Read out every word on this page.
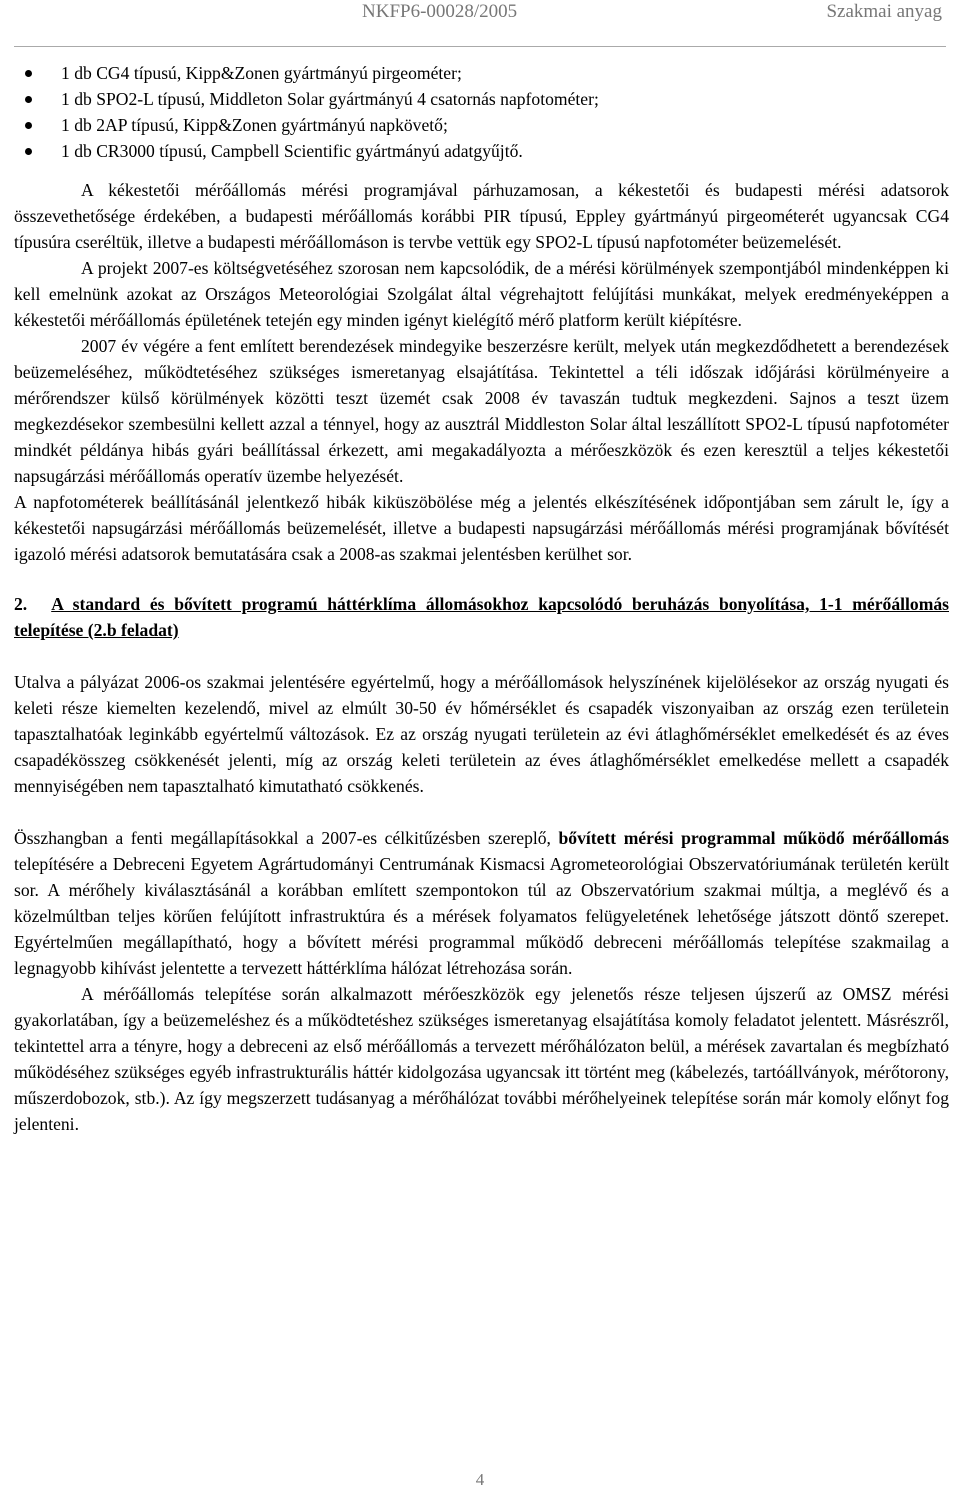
NKFP6-00028/2005	Szakmai anyag
1 db CG4 típusú, Kipp&Zonen gyártmányú pirgeométer;
1 db SPO2-L típusú, Middleton Solar gyártmányú 4 csatornás napfotométer;
1 db 2AP típusú, Kipp&Zonen gyártmányú napkövető;
1 db CR3000 típusú, Campbell Scientific gyártmányú adatgyűjtő.

A kékestetői mérőállomás mérési programjával párhuzamosan, a kékestetői és budapesti mérési adatsorok összevethetősége érdekében, a budapesti mérőállomás korábbi PIR típusú, Eppley gyártmányú pirgeométerét ugyancsak CG4 típusúra cseréltük, illetve a budapesti mérőállomáson is tervbe vettük egy SPO2-L típusú napfotométer beüzemelését.

A projekt 2007-es költségvetéséhez szorosan nem kapcsolódik, de a mérési körülmények szempontjából mindenképpen ki kell emelnünk azokat az Országos Meteorológiai Szolgálat által végrehajtott felújítási munkákat, melyek eredményeképpen a kékestetői mérőállomás épületének tetején egy minden igényt kielégítő mérő platform került kiépítésre.

2007 év végére a fent említett berendezések mindegyike beszerzésre került, melyek után megkezdődhetett a berendezések beüzemeléséhez, működtetéséhez szükséges ismeretanyag elsajátítása. Tekintettel a téli időszak időjárási körülményeire a mérőrendszer külső körülmények közötti teszt üzemét csak 2008 év tavaszán tudtuk megkezdeni. Sajnos a teszt üzem megkezdésekor szembesülni kellett azzal a ténnyel, hogy az ausztrál Middleston Solar által leszállított SPO2-L típusú napfotométer mindkét példánya hibás gyári beállítással érkezett, ami megakadályozta a mérőeszközök és ezen keresztül a teljes kékestetői napsugárzási mérőállomás operatív üzembe helyezését.

A napfotométerek beállításánál jelentkező hibák kiküszöbölése még a jelentés elkészítésének időpontjában sem zárult le, így a kékestetői napsugárzási mérőállomás beüzemelését, illetve a budapesti napsugárzási mérőállomás mérési programjának bővítését igazoló mérési adatsorok bemutatására csak a 2008-as szakmai jelentésben kerülhet sor.

2. A standard és bővített programú háttérklíma állomásokhoz kapcsolódó beruházás bonyolítása, 1-1 mérőállomás telepítése (2.b feladat)

Utalva a pályázat 2006-os szakmai jelentésére egyértelmű, hogy a mérőállomások helyszínének kijelölésekor az ország nyugati és keleti része kiemelten kezelendő, mivel az elmúlt 30-50 év hőmérséklet és csapadék viszonyaiban az ország ezen területein tapasztalhatóak leginkább egyértelmű változások. Ez az ország nyugati területein az évi átlaghőmérséklet emelkedését és az éves csapadékösszeg csökkenését jelenti, míg az ország keleti területein az éves átlaghőmérséklet emelkedése mellett a csapadék mennyiségében nem tapasztalható kimutatható csökkenés.

Összhangban a fenti megállapításokkal a 2007-es célkitűzésben szereplő, bővített mérési programmal működő mérőállomás telepítésére a Debreceni Egyetem Agrártudományi Centrumának Kismacsi Agrometeorológiai Obszervatóriumának területén került sor. A mérőhely kiválasztásánál a korábban említett szempontokon túl az Obszervatórium szakmai múltja, a meglévő és a közelmúltban teljes körűen felújított infrastruktúra és a mérések folyamatos felügyeletének lehetősége játszott döntő szerepet. Egyértelműen megállapítható, hogy a bővített mérési programmal működő debreceni mérőállomás telepítése szakmailag a legnagyobb kihívást jelentette a tervezett háttérklíma hálózat létrehozása során.

A mérőállomás telepítése során alkalmazott mérőeszközök egy jelenetős része teljesen újszerű az OMSZ mérési gyakorlatában, így a beüzemeléshez és a működtetéshez szükséges ismeretanyag elsajátítása komoly feladatot jelentett. Másrészről, tekintettel arra a tényre, hogy a debreceni az első mérőállomás a tervezett mérőhálózaton belül, a mérések zavartalan és megbízható működéséhez szükséges egyéb infrastrukturális háttér kidolgozása ugyancsak itt történt meg (kábelezés, tartóállványok, mérőtorony, műszerdobozok, stb.). Az így megszerzett tudásanyag a mérőhálózat további mérőhelyeinek telepítése során már komoly előnyt fog jelenteni.

4
